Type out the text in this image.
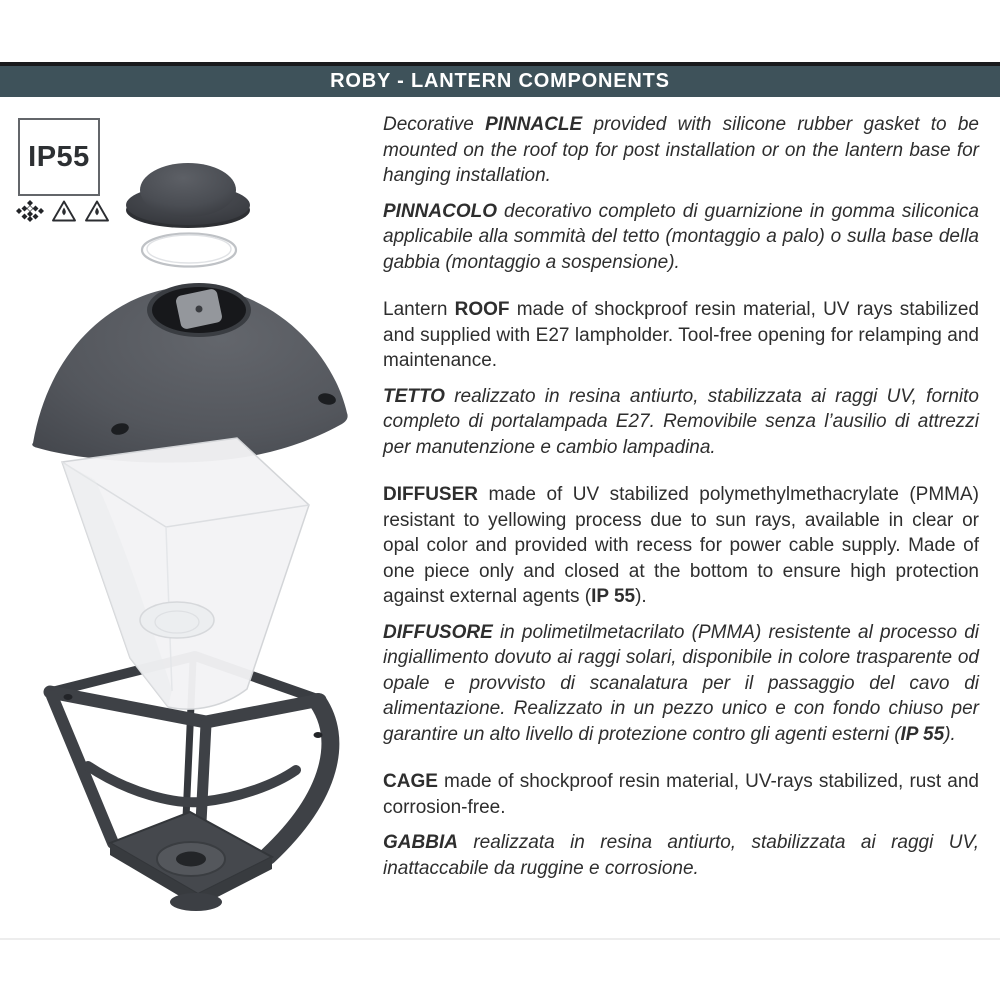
ROBY - LANTERN COMPONENTS
IP55

Decorative PINNACLE provided with silicone rubber gasket to be mounted on the roof top for post installation or on the lantern base for hanging installation.

PINNACOLO decorativo completo di guarnizione in gomma siliconica applicabile alla sommità del tetto (montaggio a palo) o sulla base della gabbia (montaggio a sospensione).

Lantern ROOF made of shockproof resin material, UV rays stabilized and supplied with E27 lampholder. Tool-free opening for relamping and maintenance.

TETTO realizzato in resina antiurto, stabilizzata ai raggi UV, fornito completo di portalampada E27. Removibile senza l’ausilio di attrezzi per manutenzione e cambio lampadina.

DIFFUSER made of UV stabilized polymethylmethacrylate (PMMA) resistant to yellowing process due to sun rays, available in clear or opal color and provided with recess for power cable supply. Made of one piece only and closed at the bottom to ensure high protection against external agents (IP 55).

DIFFUSORE in polimetilmetacrilato (PMMA) resistente al processo di ingiallimento dovuto ai raggi solari, disponibile in colore trasparente od opale e provvisto di scanalatura per il passaggio del cavo di alimentazione. Realizzato in un pezzo unico e con fondo chiuso per garantire un alto livello di protezione contro gli agenti esterni (IP 55).

CAGE made of shockproof resin material, UV-rays stabilized, rust and corrosion-free.

GABBIA realizzata in resina antiurto, stabilizzata ai raggi UV, inattaccabile da ruggine e corrosione.
